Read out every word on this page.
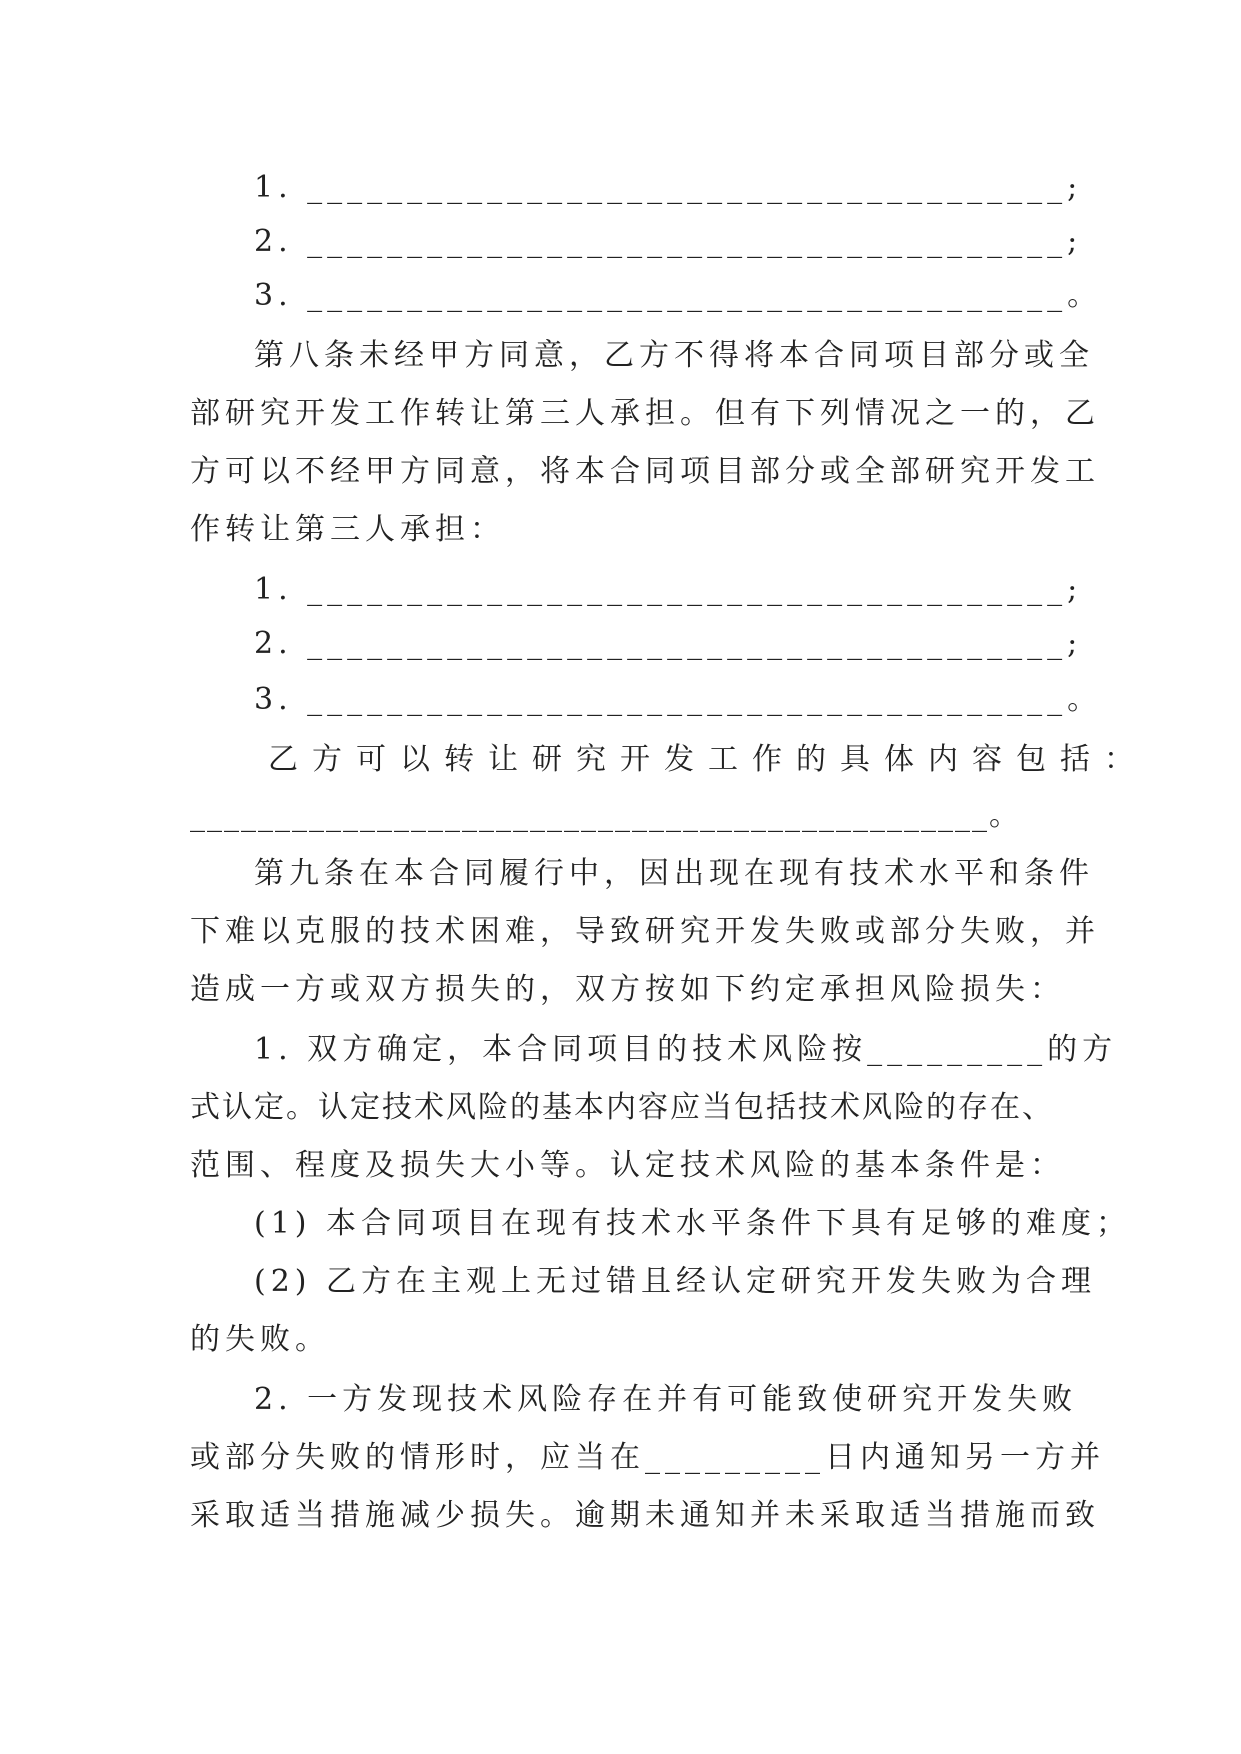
1. ______________________________________;
2. ______________________________________;
3. ______________________________________。
第八条未经甲方同意，乙方不得将本合同项目部分或全
部研究开发工作转让第三人承担。但有下列情况之一的，乙
方可以不经甲方同意，将本合同项目部分或全部研究开发工
作转让第三人承担：
1. ______________________________________;
2. ______________________________________;
3. ______________________________________。
乙方可以转让研究开发工作的具体内容包括：
_______________________________________________。
第九条在本合同履行中，因出现在现有技术水平和条件
下难以克服的技术困难，导致研究开发失败或部分失败，并
造成一方或双方损失的，双方按如下约定承担风险损失：
1. 双方确定，本合同项目的技术风险按_________的方
式认定。认定技术风险的基本内容应当包括技术风险的存在、
范围、程度及损失大小等。认定技术风险的基本条件是：
(1) 本合同项目在现有技术水平条件下具有足够的难度；
(2) 乙方在主观上无过错且经认定研究开发失败为合理
的失败。
2. 一方发现技术风险存在并有可能致使研究开发失败
或部分失败的情形时，应当在_________日内通知另一方并
采取适当措施减少损失。逾期未通知并未采取适当措施而致
